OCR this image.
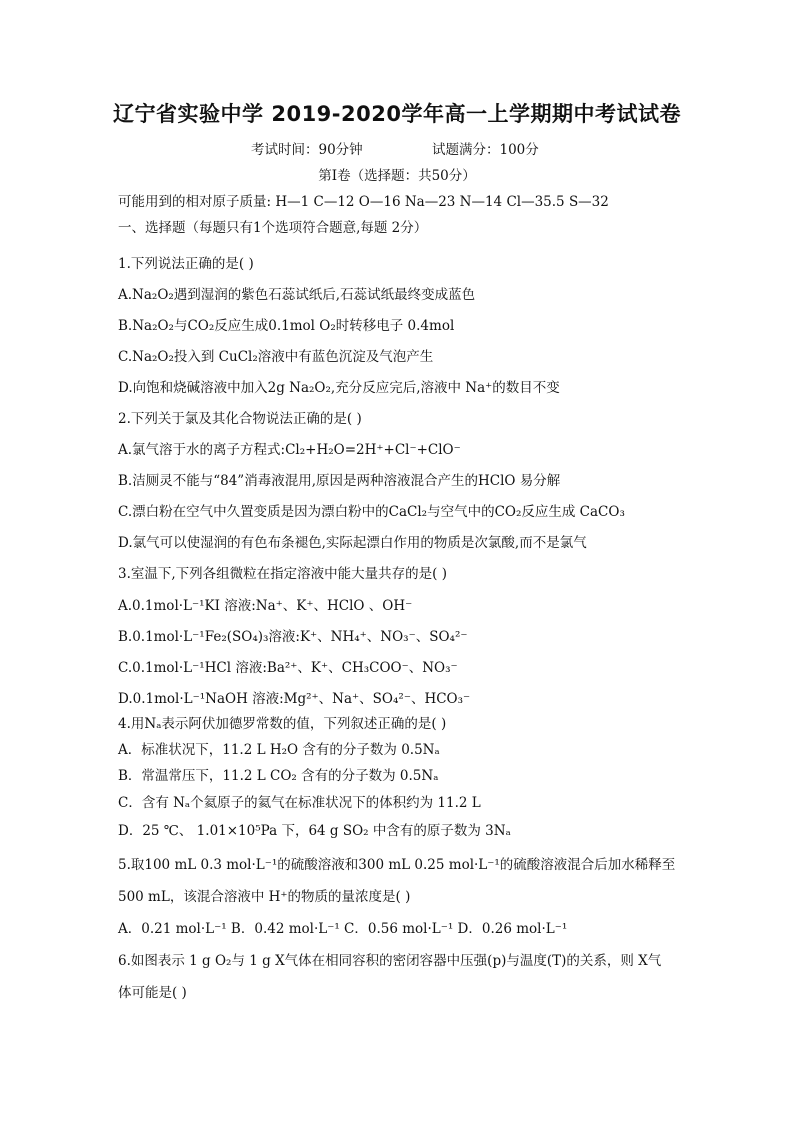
辽宁省实验中学 2019-2020学年高一上学期期中考试试卷
考试时间：90分钟	试题满分：100分
第Ⅰ卷（选择题：共50分）
可能用到的相对原子质量: H—1 C—12 O—16 Na—23 N—14 Cl—35.5 S—32
一、选择题（每题只有1个选项符合题意,每题 2分）
1.下列说法正确的是( )
A.Na₂O₂遇到湿润的紫色石蕊试纸后,石蕊试纸最终变成蓝色
B.Na₂O₂与CO₂反应生成0.1mol O₂时转移电子 0.4mol
C.Na₂O₂投入到 CuCl₂溶液中有蓝色沉淀及气泡产生
D.向饱和烧碱溶液中加入2g Na₂O₂,充分反应完后,溶液中 Na⁺的数目不变
2.下列关于氯及其化合物说法正确的是( )
A.氯气溶于水的离子方程式:Cl₂+H₂O=2H⁺+Cl⁻+ClO⁻
B.洁厕灵不能与“84”消毒液混用,原因是两种溶液混合产生的HClO 易分解
C.漂白粉在空气中久置变质是因为漂白粉中的CaCl₂与空气中的CO₂反应生成 CaCO₃
D.氯气可以使湿润的有色布条褪色,实际起漂白作用的物质是次氯酸,而不是氯气
3.室温下,下列各组微粒在指定溶液中能大量共存的是( )
A.0.1mol·L⁻¹KI 溶液:Na⁺、K⁺、HClO 、OH⁻
B.0.1mol·L⁻¹Fe₂(SO₄)₃溶液:K⁺、NH₄⁺、NO₃⁻、SO₄²⁻
C.0.1mol·L⁻¹HCl 溶液:Ba²⁺、K⁺、CH₃COO⁻、NO₃⁻
D.0.1mol·L⁻¹NaOH 溶液:Mg²⁺、Na⁺、SO₄²⁻、HCO₃⁻
4.用Nₐ表示阿伏加德罗常数的值，下列叙述正确的是( )
A．标准状况下，11.2 L H₂O 含有的分子数为 0.5Nₐ
B．常温常压下，11.2 L CO₂ 含有的分子数为 0.5Nₐ
C．含有 Nₐ个氦原子的氦气在标准状况下的体积约为 11.2 L
D．25 ℃、 1.01×10⁵Pa 下，64 g SO₂ 中含有的原子数为 3Nₐ
5.取100 mL 0.3 mol·L⁻¹的硫酸溶液和300 mL 0.25 mol·L⁻¹的硫酸溶液混合后加水稀释至
500 mL，该混合溶液中 H⁺的物质的量浓度是( )
A．0.21 mol·L⁻¹ B．0.42 mol·L⁻¹ C．0.56 mol·L⁻¹ D．0.26 mol·L⁻¹
6.如图表示 1 g O₂与 1 g X气体在相同容积的密闭容器中压强(p)与温度(T)的关系，则 X气
体可能是( )
